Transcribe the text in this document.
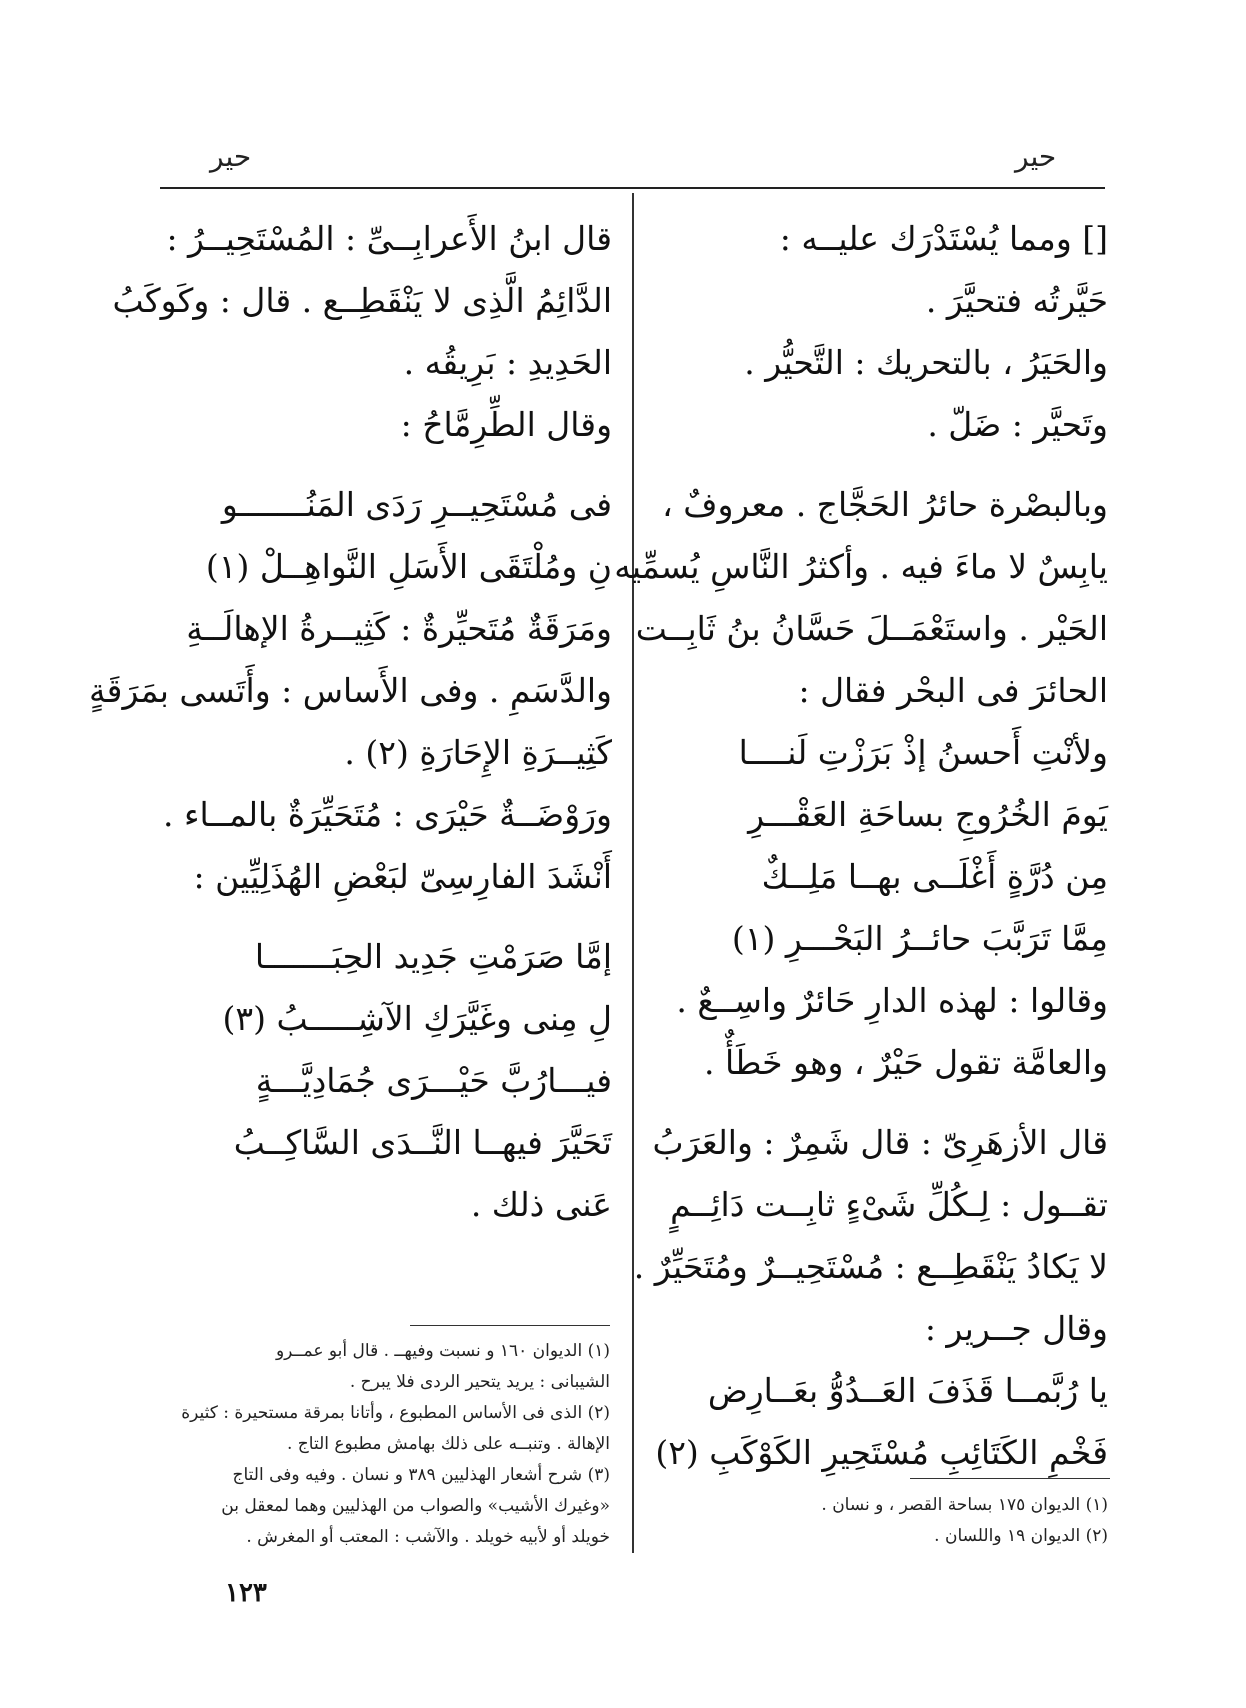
حير	حير
[] ومما يُسْتَدْرَك عليــه :
حَيَّرتُه فتحيَّرَ .
والحَيَرُ ، بالتحريك : التَّحيُّر .
وتَحيَّر : ضَلّ .
وبالبصْرة حائرُ الحَجَّاج . معروفٌ ،
يابِسٌ لا ماءَ فيه . وأكثرُ النَّاسِ يُسمِّيه
الحَيْر . واستَعْمَــلَ حَسَّانُ بنُ ثَابِــت
الحائرَ فى البحْر فقال :
ولأنْتِ أَحسنُ إذْ بَرَزْتِ لَنــــا
يَومَ الخُرُوجِ بساحَةِ العَقْـــرِ
مِن دُرَّةٍ أَغْلَــى بهــا مَلِــكٌ
مِمَّا تَرَبَّبَ حائــرُ البَحْـــرِ (١)
وقالوا : لهذه الدارِ حَائرٌ واسِــعٌ .
والعامَّة تقول حَيْرٌ ، وهو خَطَأٌ .
قال الأزهَرِىّ : قال شَمِرٌ : والعَرَبُ
تقــول : لِـكُلِّ شَىْءٍ ثابِــت دَائِــمٍ
لا يَكادُ يَنْقَطِــع : مُسْتَحِيــرٌ ومُتَحَيِّرٌ .
وقال جــرير :
يا رُبَّمــا قَذَفَ العَــدُوُّ بعَــارِض
فَخْمِ الكَتَائِبِ مُسْتَحِيرِ الكَوْكَبِ (٢)
قال ابنُ الأَعرابِــىِّ : المُسْتَحِيــرُ :
الدَّائِمُ الَّذِى لا يَنْقَطِــع . قال : وكَوكَبُ
الحَدِيدِ : بَرِيقُه .
وقال الطِّرِمَّاحُ :
فى مُسْتَحِيــرِ رَدَى المَنُـــــــو
نِ ومُلْتَقَى الأَسَلِ النَّواهِــلْ (١)
ومَرَقَةٌ مُتَحيِّرةٌ : كَثِيــرةُ الإهالَــةِ
والدَّسَمِ . وفى الأَساس : وأَتَسى بمَرَقَةٍ
كَثِيــرَةِ الإِحَارَةِ (٢) .
ورَوْضَــةٌ حَيْرَى : مُتَحَيِّرَةٌ بالمــاء .
أَنْشَدَ الفارِسِىّ لبَعْضِ الهُذَلِيِّين :
إمَّا صَرَمْتِ جَدِيد الحِبَـــــــا
لِ مِنى وغَيَّرَكِ الآشِـــــبُ (٣)
فيـــارُبَّ حَيْـــرَى جُمَادِيَّـــةٍ
تَحَيَّرَ فيهــا النَّــدَى السَّاكِــبُ
عَنى ذلك .
(١) الديوان ١٦٠ و نسبت وفيهــ . قال أبو عمــرو
الشيبانى : يريد يتحير الردى فلا يبرح .
(٢) الذى فى الأساس المطبوع ، وأتانا بمرقة مستحيرة : كثيرة
الإهالة . وتنبــه على ذلك بهامش مطبوع التاج .
(٣) شرح أشعار الهذليين ٣٨٩ و نسان . وفيه وفى التاج
«وغيرك الأشيب» والصواب من الهذليين وهما لمعقل بن
خويلد أو لأبيه خويلد . والآشب : المعتب أو المغرش .
(١) الديوان ١٧٥ بساحة القصر ، و نسان .
(٢) الديوان ١٩ واللسان .
١٢٣
